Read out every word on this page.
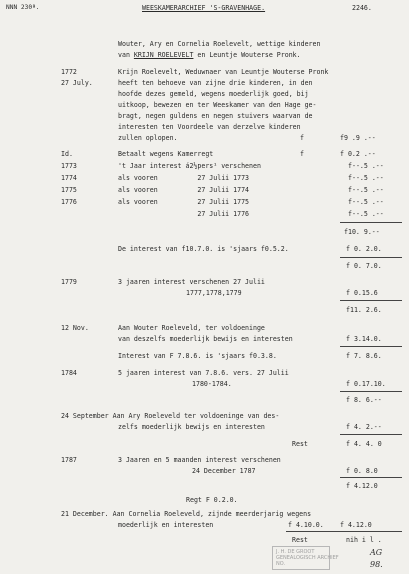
NNN 230ª.	WEESKAMERARCHIEF 'S-GRAVENHAGE.	2246.
Wouter, Ary en Cornelia Roelevelt, wettige kinderen
van KRIJN ROELEVELT en Leuntje Wouterse Pronk.
1772	Krijn Roelevelt, Weduwnaer van Leuntje Wouterse Pronk
27 July.	heeft ten behoeve van zijne drie kinderen, in den
hoofde dezes gemeld, wegens moederlijk goed, bij
uitkoop, bewezen en ter Weeskamer van den Hage ge-
bragt, negen guldens en negen stuivers waarvan de
interesten ten Voordeele van derzelve kinderen
zullen oplopen.	f	f9 .9 .--
Id.	Betaalt wegens Kamerregt	f	f 0.2 .--
1773	't Jaar interest á2½pers¹ verschenen	f--.5 .--
1774	als vooren          27 Julii 1773	f--.5 .--
1775	als vooren          27 Julii 1774	f--.5 .--
1776	als vooren          27 Julii 1775	f--.5 .--
27 Julii 1776	f--.5 .--
f10. 9.--
De interest van f10.7.0. is 'sjaars f0.5.2.	f 0. 2.0.
f 0. 7.0.
1779	3 jaaren interest verschenen 27 Julii
1777,1778,1779	f 0.15.6
f11. 2.6.
12 Nov.	Aan Wouter Roeleveld, ter voldoeninge
van deszelfs moederlijk bewijs en interesten	f 3.14.0.
Interest van F 7.8.6. is 'sjaars f0.3.8.	f 7. 8.6.
1784	5 jaaren interest van 7.8.6. vers. 27 Julii
1780-1784.	f 0.17.10.
f 8. 6.--
24 September Aan Ary Roeleveld ter voldoeninge van des-
zelfs moederlijk bewijs en interesten	f 4. 2.--
Rest	f 4. 4. 0
1787	3 Jaaren en 5 maanden interest verschenen
24 December 1787	f 0. 8.0
f 4.12.0
Regt F 0.2.0.
21 December. Aan Cornelia Roeleveld, zijnde meerderjarig wegens
moederlijk en interesten	f 4.10.0. f 4.12.0
Rest	nih i l .
J. H. DE GROOT
GENEALOGISCH ARCHIEF
NO.
AG
98.
